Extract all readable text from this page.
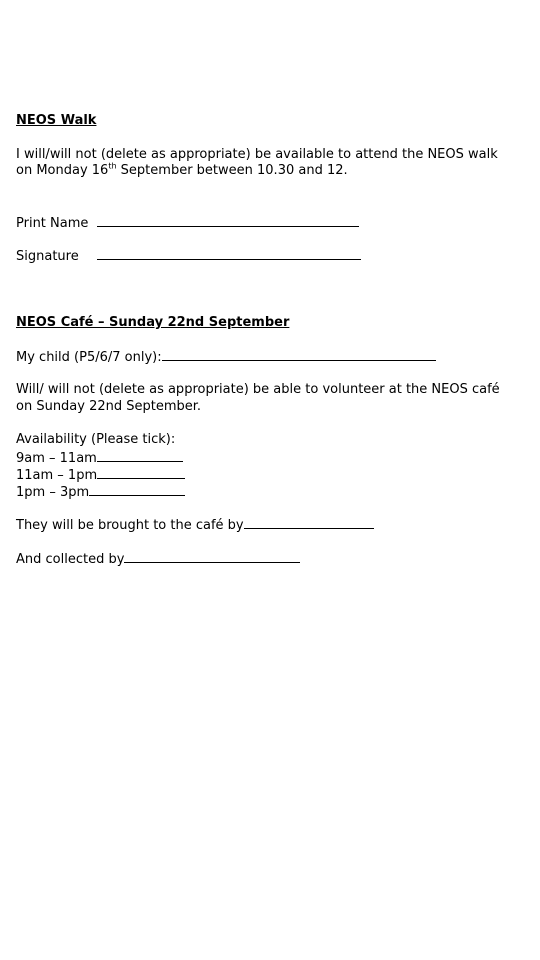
NEOS Walk
I will/will not (delete as appropriate) be available to attend the NEOS walk
on Monday 16th September between 10.30 and 12.
Print Name
Signature
NEOS Café – Sunday 22nd September
My child (P5/6/7 only):
Will/ will not (delete as appropriate) be able to volunteer at the NEOS café
on Sunday 22nd September.
Availability (Please tick):
9am – 11am
11am – 1pm
1pm – 3pm
They will be brought to the café by
And collected by
